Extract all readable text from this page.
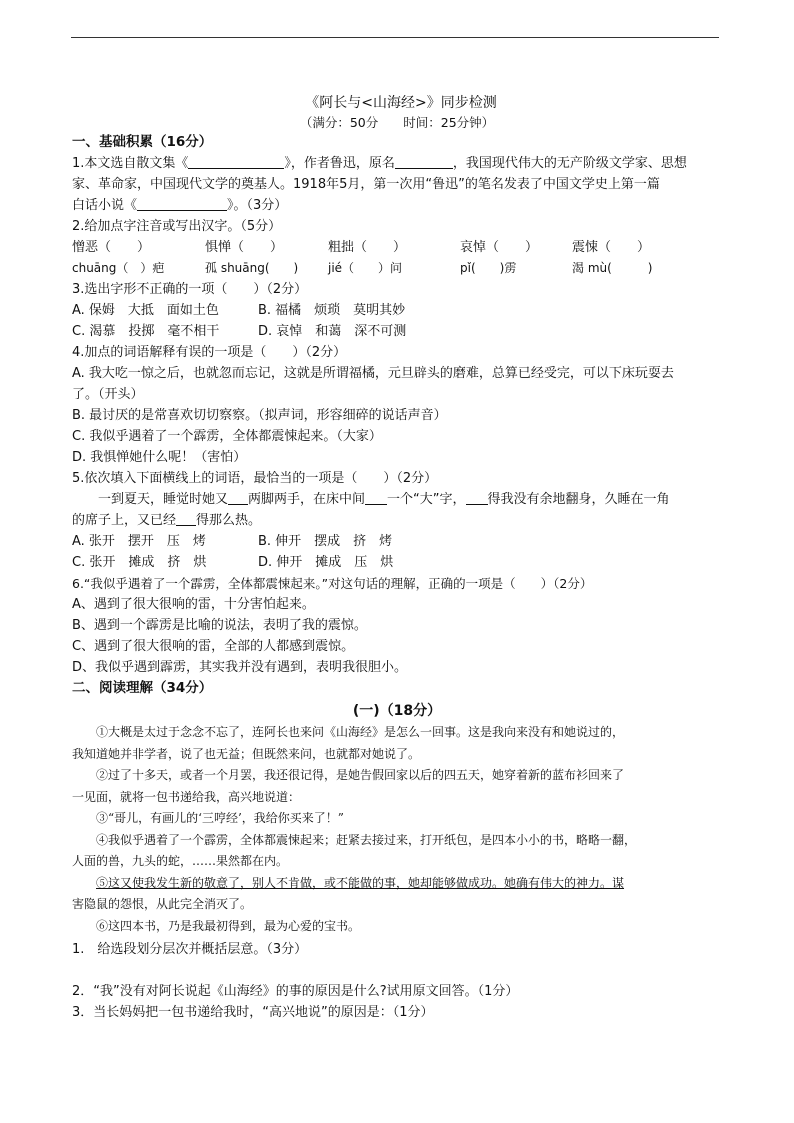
《阿长与<山海经>》同步检测
（满分：50分　　时间：25分钟）
一、基础积累（16分）
1.本文选自散文集《	》，作者鲁迅，原名	，我国现代伟大的无产阶级文学家、思想
家、革命家，中国现代文学的奠基人。1918年5月，第一次用“鲁迅”的笔名发表了中国文学史上第一篇
白话小说《	》。（3分）
2.给加点字注音或写出汉字。（5分）
憎恶（　　）	惧惮（　　）	粗拙（　　）	哀悼（　　）	震悚（　　）
chuāng（　）疤	孤 shuāng(　　)	jié（　　）问	pǐ(　　)雳	渴 mù(　　　)
3.选出字形不正确的一项（　　）（2分）
A. 保姆　大抵　面如土色	B. 福橘　烦琐　莫明其妙
C. 渴慕　投掷　毫不相干	D. 哀悼　和蔼　深不可测
4.加点的词语解释有误的一项是（　　）（2分）
A. 我大吃一惊之后，也就忽而忘记，这就是所谓福橘，元旦辟头的磨难，总算已经受完，可以下床玩耍去
了。（开头）
B. 最讨厌的是常喜欢切切察察。（拟声词，形容细碎的说话声音）
C. 我似乎遇着了一个霹雳，全体都震悚起来。（大家）
D. 我惧惮她什么呢！（害怕）
5.依次填入下面横线上的词语，最恰当的一项是（　　）（2分）
一到夏天，睡觉时她又 两脚两手，在床中间 一个“大”字， 得我没有余地翻身，久睡在一角
的席子上，又已经 得那么热。
A. 张开　摆开　压　烤	B. 伸开　摆成　挤　烤
C. 张开　摊成　挤　烘	D. 伸开　摊成　压　烘
6.“我似乎遇着了一个霹雳，全体都震悚起来。”对这句话的理解，正确的一项是（　　）（2分）
A、遇到了很大很响的雷，十分害怕起来。
B、遇到一个霹雳是比喻的说法，表明了我的震惊。
C、遇到了很大很响的雷，全部的人都感到震惊。
D、我似乎遇到霹雳，其实我并没有遇到，表明我很胆小。
二、阅读理解（34分）
(一)（18分）
①大概是太过于念念不忘了，连阿长也来问《山海经》是怎么一回事。这是我向来没有和她说过的，
我知道她并非学者，说了也无益；但既然来问，也就都对她说了。
②过了十多天，或者一个月罢，我还很记得，是她告假回家以后的四五天，她穿着新的蓝布衫回来了
一见面，就将一包书递给我，高兴地说道：
③“哥儿，有画儿的‘三哼经’，我给你买来了！”
④我似乎遇着了一个霹雳，全体都震悚起来；赶紧去接过来，打开纸包，是四本小小的书，略略一翻，
人面的兽，九头的蛇，……果然都在内。
⑤这又使我发生新的敬意了，别人不肯做，或不能做的事，她却能够做成功。她确有伟大的神力。谋
害隐鼠的怨恨，从此完全消灭了。
⑥这四本书，乃是我最初得到，最为心爱的宝书。
1.　给选段划分层次并概括层意。（3分）
2．“我”没有对阿长说起《山海经》的事的原因是什么?试用原文回答。（1分）
3．当长妈妈把一包书递给我时，“高兴地说”的原因是：（1分）
